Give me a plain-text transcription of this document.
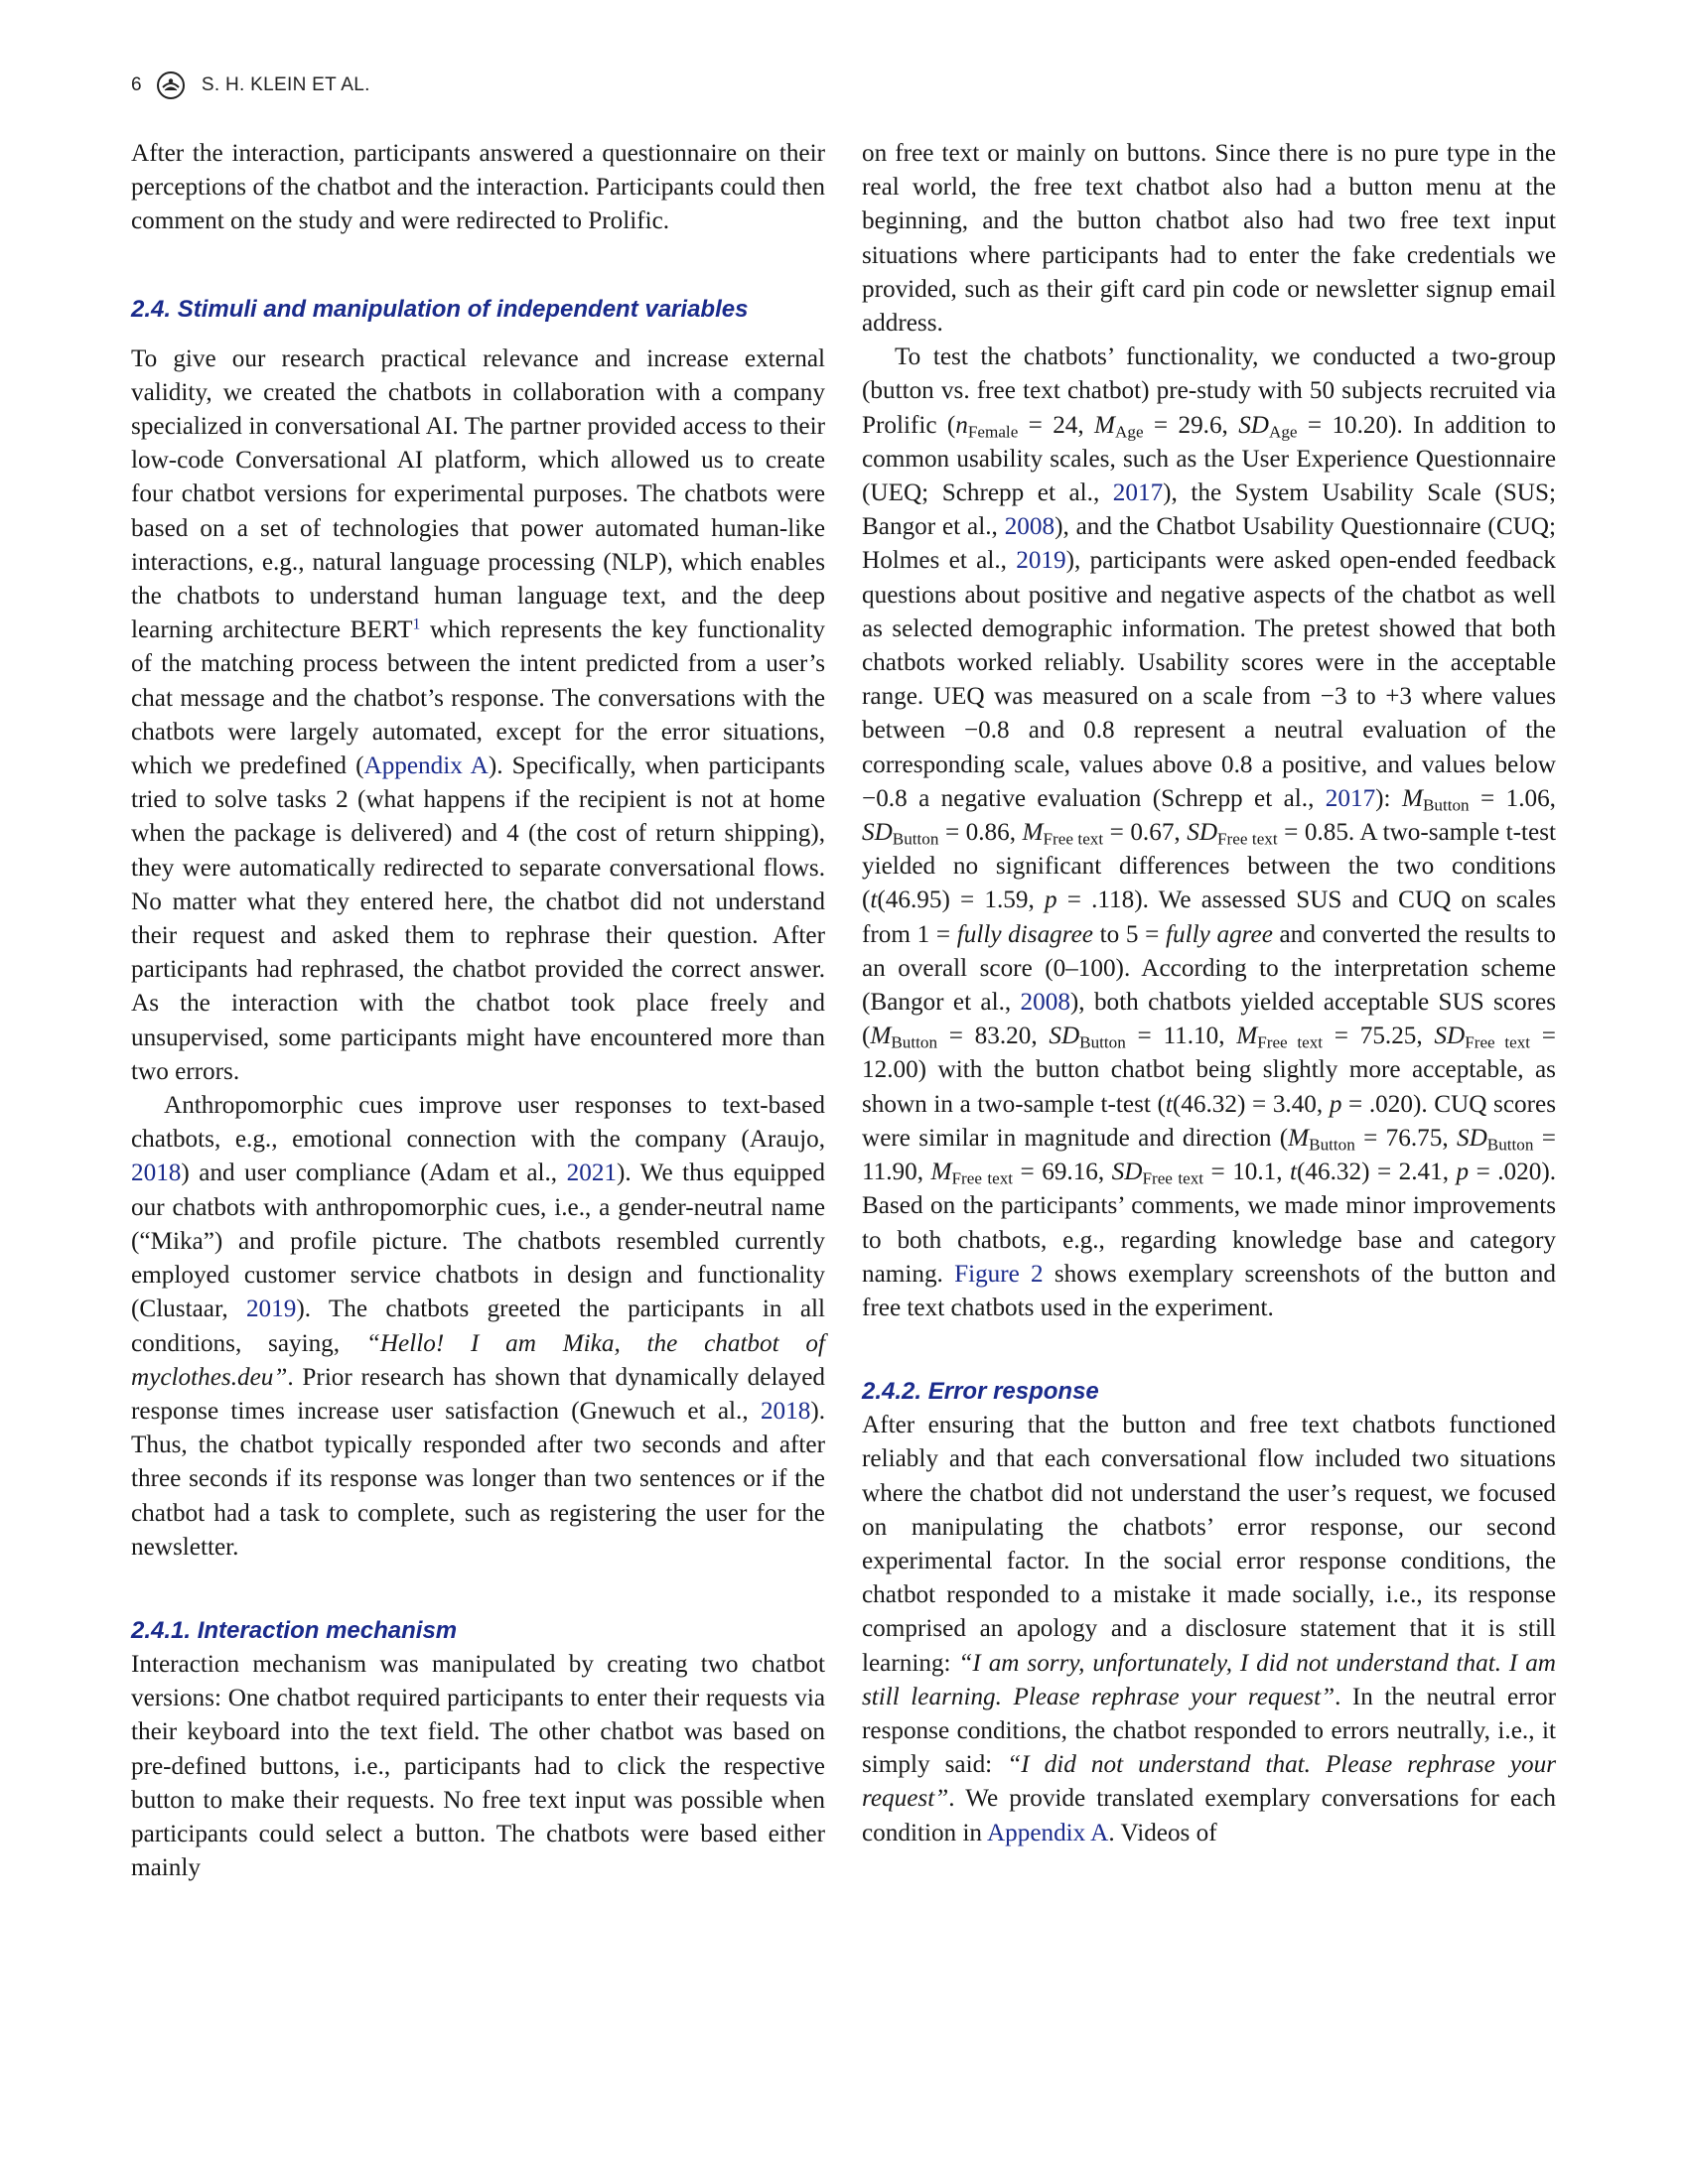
6	S. H. KLEIN ET AL.

After the interaction, participants answered a questionnaire on their perceptions of the chatbot and the interaction. Participants could then comment on the study and were redirected to Prolific.

2.4. Stimuli and manipulation of independent variables

To give our research practical relevance and increase external validity, we created the chatbots in collaboration with a company specialized in conversational AI. The partner provided access to their low-code Conversational AI platform, which allowed us to create four chatbot versions for experimental purposes. The chatbots were based on a set of technologies that power automated human-like interactions, e.g., natural language processing (NLP), which enables the chatbots to understand human language text, and the deep learning architecture BERT$^1$ which represents the key functionality of the matching process between the intent predicted from a user’s chat message and the chatbot’s response. The conversations with the chatbots were largely automated, except for the error situations, which we predefined (Appendix A). Specifically, when participants tried to solve tasks 2 (what happens if the recipient is not at home when the package is delivered) and 4 (the cost of return shipping), they were automatically redirected to separate conversational flows. No matter what they entered here, the chatbot did not understand their request and asked them to rephrase their question. After participants had rephrased, the chatbot provided the correct answer. As the interaction with the chatbot took place freely and unsupervised, some participants might have encountered more than two errors.

Anthropomorphic cues improve user responses to text-based chatbots, e.g., emotional connection with the company (Araujo, 2018) and user compliance (Adam et al., 2021). We thus equipped our chatbots with anthropomorphic cues, i.e., a gender-neutral name (“Mika”) and profile picture. The chatbots resembled currently employed customer service chatbots in design and functionality (Clustaar, 2019). The chatbots greeted the participants in all conditions, saying, “Hello! I am Mika, the chatbot of myclothes.deu”. Prior research has shown that dynamically delayed response times increase user satisfaction (Gnewuch et al., 2018). Thus, the chatbot typically responded after two seconds and after three seconds if its response was longer than two sentences or if the chatbot had a task to complete, such as registering the user for the newsletter.

2.4.1. Interaction mechanism

Interaction mechanism was manipulated by creating two chatbot versions: One chatbot required participants to enter their requests via their keyboard into the text field. The other chatbot was based on pre-defined buttons, i.e., participants had to click the respective button to make their requests. No free text input was possible when participants could select a button. The chatbots were based either mainly

on free text or mainly on buttons. Since there is no pure type in the real world, the free text chatbot also had a button menu at the beginning, and the button chatbot also had two free text input situations where participants had to enter the fake credentials we provided, such as their gift card pin code or newsletter signup email address.

To test the chatbots’ functionality, we conducted a two-group (button vs. free text chatbot) pre-study with 50 subjects recruited via Prolific ($n_{Female} = 24$, $M_{Age} = 29.6$, $SD_{Age} = 10.20$). In addition to common usability scales, such as the User Experience Questionnaire (UEQ; Schrepp et al., 2017), the System Usability Scale (SUS; Bangor et al., 2008), and the Chatbot Usability Questionnaire (CUQ; Holmes et al., 2019), participants were asked open-ended feedback questions about positive and negative aspects of the chatbot as well as selected demographic information. The pretest showed that both chatbots worked reliably. Usability scores were in the acceptable range. UEQ was measured on a scale from −3 to +3 where values between −0.8 and 0.8 represent a neutral evaluation of the corresponding scale, values above 0.8 a positive, and values below −0.8 a negative evaluation (Schrepp et al., 2017): $M_{Button} = 1.06$, $SD_{Button} = 0.86$, $M_{Free text} = 0.67$, $SD_{Free text} = 0.85$. A two-sample t-test yielded no significant differences between the two conditions (t(46.95) = 1.59, p = .118). We assessed SUS and CUQ on scales from 1 = fully disagree to 5 = fully agree and converted the results to an overall score (0–100). According to the interpretation scheme (Bangor et al., 2008), both chatbots yielded acceptable SUS scores ($M_{Button} = 83.20$, $SD_{Button} = 11.10$, $M_{Free text} = 75.25$, $SD_{Free text} = 12.00$) with the button chatbot being slightly more acceptable, as shown in a two-sample t-test (t(46.32) = 3.40, p = .020). CUQ scores were similar in magnitude and direction ($M_{Button} = 76.75$, $SD_{Button} = 11.90$, $M_{Free text} = 69.16$, $SD_{Free text} = 10.1$, t(46.32) = 2.41, p = .020). Based on the participants’ comments, we made minor improvements to both chatbots, e.g., regarding knowledge base and category naming. Figure 2 shows exemplary screenshots of the button and free text chatbots used in the experiment.

2.4.2. Error response

After ensuring that the button and free text chatbots functioned reliably and that each conversational flow included two situations where the chatbot did not understand the user’s request, we focused on manipulating the chatbots’ error response, our second experimental factor. In the social error response conditions, the chatbot responded to a mistake it made socially, i.e., its response comprised an apology and a disclosure statement that it is still learning: “I am sorry, unfortunately, I did not understand that. I am still learning. Please rephrase your request”. In the neutral error response conditions, the chatbot responded to errors neutrally, i.e., it simply said: “I did not understand that. Please rephrase your request”. We provide translated exemplary conversations for each condition in Appendix A. Videos of
